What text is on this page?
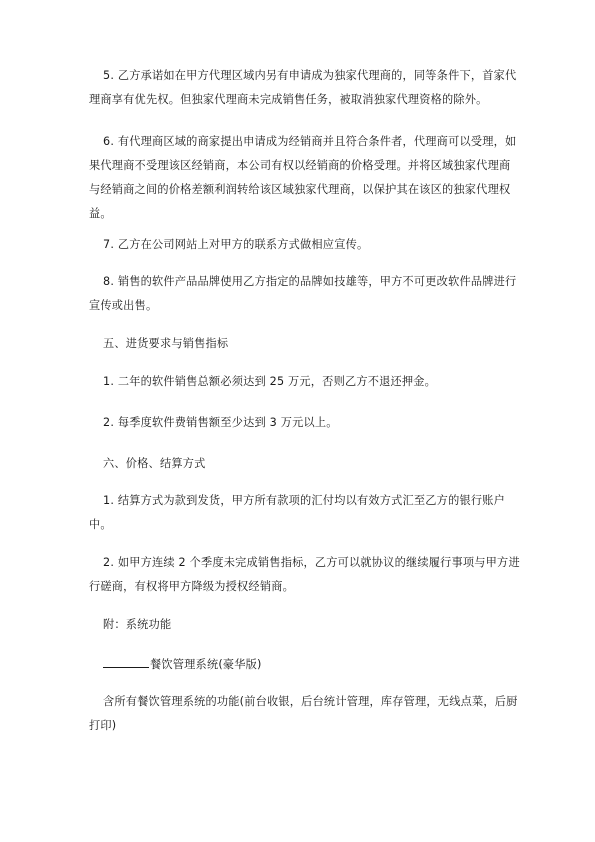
5. 乙方承诺如在甲方代理区域内另有申请成为独家代理商的，同等条件下，首家代理商享有优先权。但独家代理商未完成销售任务，被取消独家代理资格的除外。

6. 有代理商区域的商家提出申请成为经销商并且符合条件者，代理商可以受理，如果代理商不受理该区经销商，本公司有权以经销商的价格受理。并将区域独家代理商与经销商之间的价格差额利润转给该区域独家代理商，以保护其在该区的独家代理权益。

7. 乙方在公司网站上对甲方的联系方式做相应宣传。

8. 销售的软件产品品牌使用乙方指定的品牌如技雄等，甲方不可更改软件品牌进行宣传或出售。

五、进货要求与销售指标

1. 二年的软件销售总额必须达到 25 万元，否则乙方不退还押金。

2. 每季度软件费销售额至少达到 3 万元以上。

六、价格、结算方式

1. 结算方式为款到发货，甲方所有款项的汇付均以有效方式汇至乙方的银行账户中。

2. 如甲方连续 2 个季度未完成销售指标，乙方可以就协议的继续履行事项与甲方进行磋商，有权将甲方降级为授权经销商。

附：系统功能

餐饮管理系统(豪华版)

含所有餐饮管理系统的功能(前台收银，后台统计管理，库存管理，无线点菜，后厨打印)
